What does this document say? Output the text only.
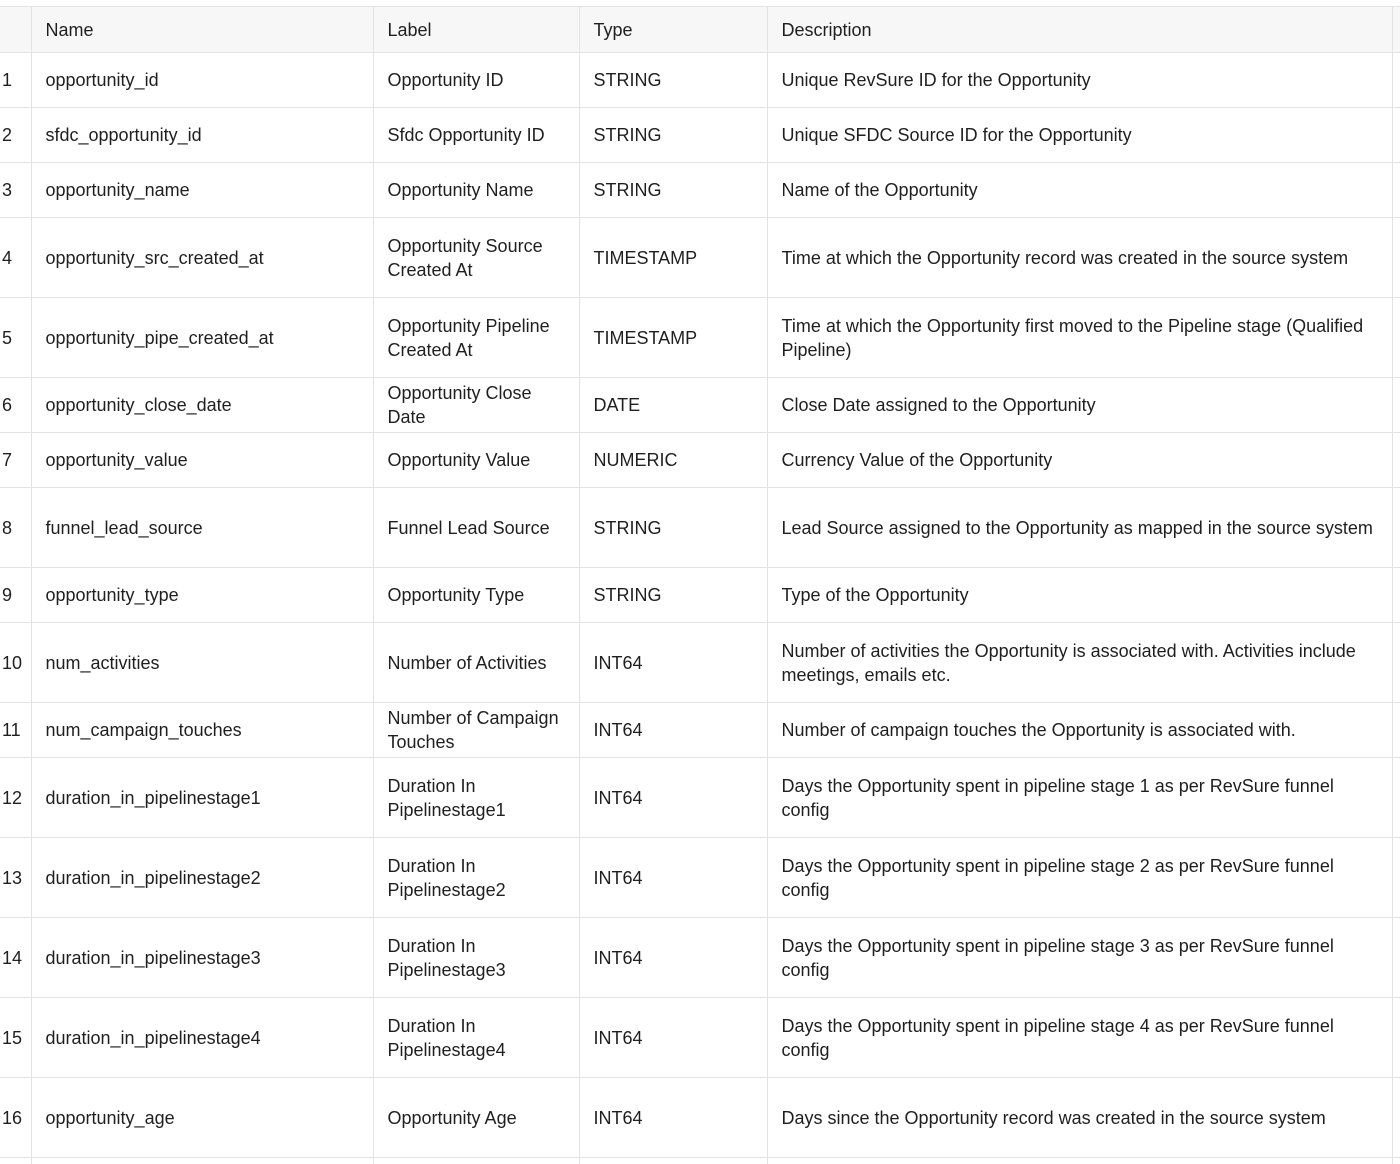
	Name	Label	Type	Description	
1	opportunity_id	Opportunity ID	STRING	Unique RevSure ID for the Opportunity	
2	sfdc_opportunity_id	Sfdc Opportunity ID	STRING	Unique SFDC Source ID for the Opportunity	
3	opportunity_name	Opportunity Name	STRING	Name of the Opportunity	
4	opportunity_src_created_at	Opportunity Source Created At	TIMESTAMP	Time at which the Opportunity record was created in the source system	
5	opportunity_pipe_created_at	Opportunity Pipeline Created At	TIMESTAMP	Time at which the Opportunity first moved to the Pipeline stage (Qualified Pipeline)	
6	opportunity_close_date	Opportunity Close Date	DATE	Close Date assigned to the Opportunity	
7	opportunity_value	Opportunity Value	NUMERIC	Currency Value of the Opportunity	
8	funnel_lead_source	Funnel Lead Source	STRING	Lead Source assigned to the Opportunity as mapped in the source system	
9	opportunity_type	Opportunity Type	STRING	Type of the Opportunity	
10	num_activities	Number of Activities	INT64	Number of activities the Opportunity is associated with. Activities include meetings, emails etc.	
11	num_campaign_touches	Number of Campaign Touches	INT64	Number of campaign touches the Opportunity is associated with.	
12	duration_in_pipelinestage1	Duration In Pipelinestage1	INT64	Days the Opportunity spent in pipeline stage 1 as per RevSure funnel config	
13	duration_in_pipelinestage2	Duration In Pipelinestage2	INT64	Days the Opportunity spent in pipeline stage 2 as per RevSure funnel config	
14	duration_in_pipelinestage3	Duration In Pipelinestage3	INT64	Days the Opportunity spent in pipeline stage 3 as per RevSure funnel config	
15	duration_in_pipelinestage4	Duration In Pipelinestage4	INT64	Days the Opportunity spent in pipeline stage 4 as per RevSure funnel config	
16	opportunity_age	Opportunity Age	INT64	Days since the Opportunity record was created in the source system	
